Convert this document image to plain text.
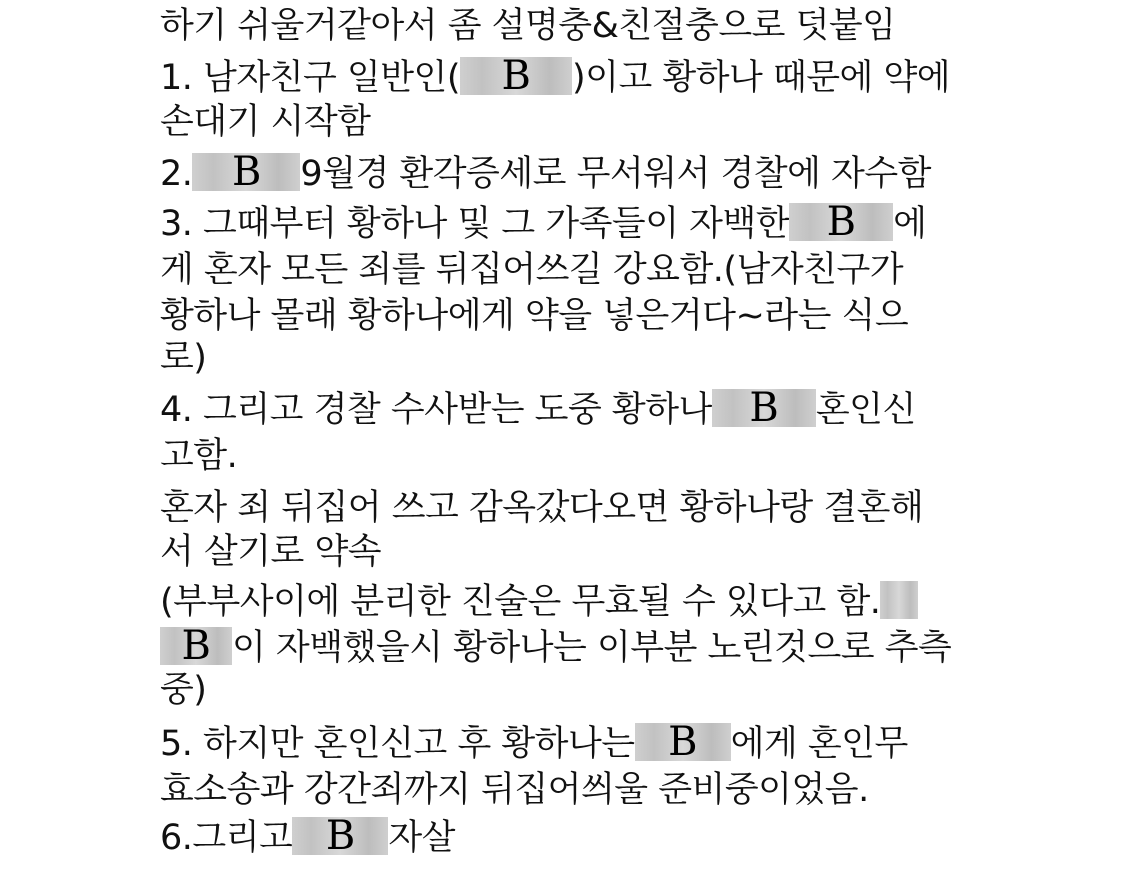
하기 쉬울거같아서 좀 설명충&친절충으로 덧붙임
1. 남자친구 일반인(	B	)이고 황하나 때문에 약에
손대기 시작함
2. B	9월경 환각증세로 무서워서 경찰에 자수함
3. 그때부터 황하나 및 그 가족들이 자백한 B	에
게 혼자 모든 죄를 뒤집어쓰길 강요함.(남자친구가
황하나 몰래 황하나에게 약을 넣은거다~라는 식으
로)
4. 그리고 경찰 수사받는 도중 황하나 B	혼인신
고함.
혼자 죄 뒤집어 쓰고 감옥갔다오면 황하나랑 결혼해
서 살기로 약속
(부부사이에 분리한 진술은 무효될 수 있다고 함.
B 이 자백했을시 황하나는 이부분 노린것으로 추측
중)
5. 하지만 혼인신고 후 황하나는 B 에게 혼인무
효소송과 강간죄까지 뒤집어씌울 준비중이었음.
6.그리고 B 자살
